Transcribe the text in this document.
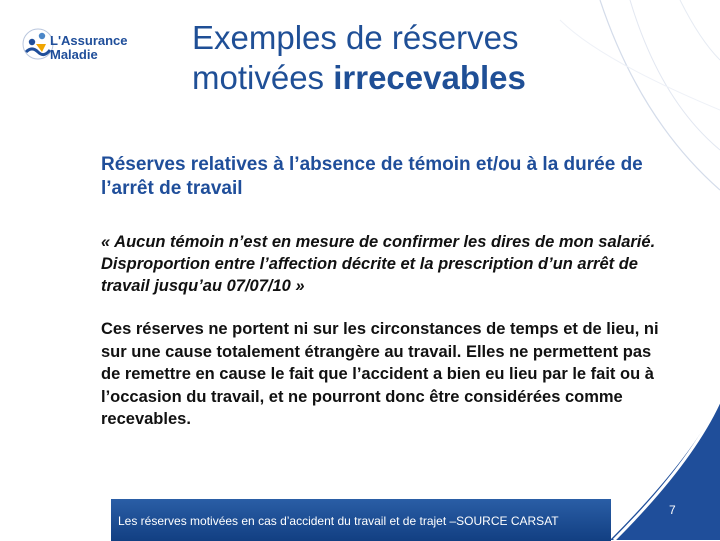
L'Assurance
Maladie	Exemples de réserves
motivées irrecevables
Réserves relatives à l’absence de témoin et/ou à la durée de l’arrêt de travail
« Aucun témoin n’est en mesure de confirmer les dires de mon salarié. Disproportion entre l’affection décrite et la prescription d’un arrêt de travail jusqu’au 07/07/10 »
Ces réserves ne portent ni sur les circonstances de temps et de lieu, ni sur une cause totalement étrangère au travail. Elles ne permettent pas de remettre en cause le fait que l’accident a bien eu lieu par le fait ou à l’occasion du travail, et ne pourront donc être considérées comme recevables.
Les réserves motivées en cas d’accident du travail et de trajet –SOURCE CARSAT
7
